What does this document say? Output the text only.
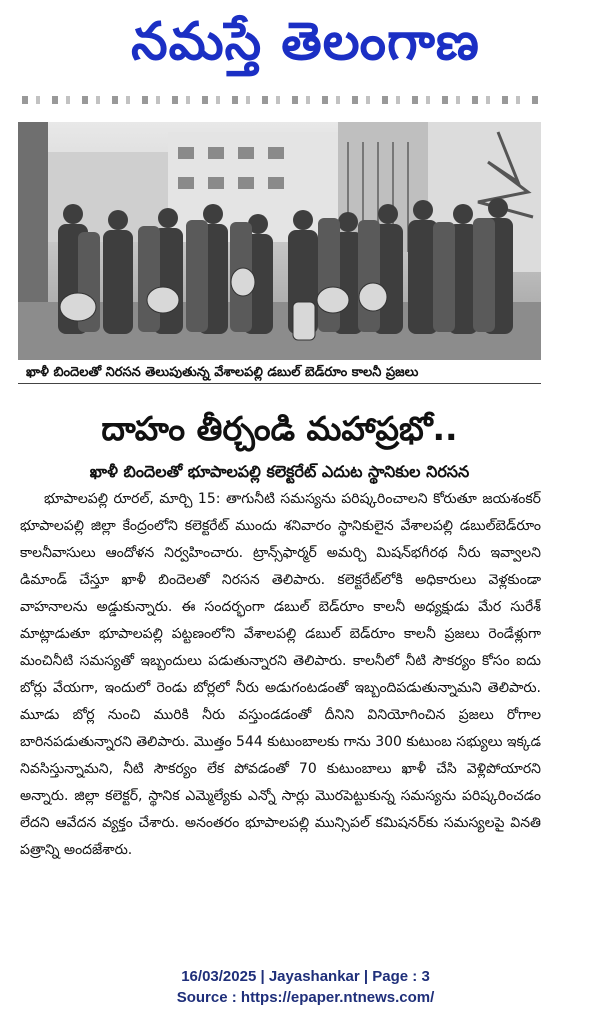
నమస్తే తెలంగాణ
ఖాళీ బిందెలతో నిరసన తెలుపుతున్న వేశాలపల్లి డబుల్ బెడ్‌రూం కాలనీ ప్రజలు
దాహం తీర్చండి మహాప్రభో..
ఖాళీ బిందెలతో భూపాలపల్లి కలెక్టరేట్ ఎదుట స్థానికుల నిరసన
భూపాలపల్లి రూరల్, మార్చి 15: తాగునీటి సమస్యను పరిష్కరించాలని కోరుతూ జయశంకర్ భూపాలపల్లి జిల్లా కేంద్రంలోని కలెక్టరేట్ ముందు శనివారం స్థానికులైన వేశాలపల్లి డబుల్‌బెడ్‌రూం కాలనీవాసులు ఆందోళన నిర్వహించారు. ట్రాన్స్‌ఫార్మర్ అమర్చి మిషన్‌భగీరథ నీరు ఇవ్వాలని డిమాండ్ చేస్తూ ఖాళీ బిందెలతో నిరసన తెలిపారు. కలెక్టరేట్‌లోకి అధికారులు వెళ్లకుండా వాహనాలను అడ్డుకున్నారు. ఈ సందర్భంగా డబుల్ బెడ్‌రూం కాలనీ అధ్యక్షుడు మేర సురేశ్ మాట్లాడుతూ భూపాలపల్లి పట్టణంలోని వేశాలపల్లి డబుల్ బెడ్‌రూం కాలనీ ప్రజలు రెండేళ్లుగా మంచినీటి సమస్యతో ఇబ్బందులు పడుతున్నారని తెలిపారు. కాలనీలో నీటి సౌకర్యం కోసం ఐదు బోర్లు వేయగా, ఇందులో రెండు బోర్లలో నీరు అడుగంటడంతో ఇబ్బందిపడుతున్నామని తెలిపారు. మూడు బోర్ల నుంచి మురికి నీరు వస్తుండడంతో దీనిని వినియోగించిన ప్రజలు రోగాల బారినపడుతున్నారని తెలిపారు. మొత్తం 544 కుటుంబాలకు గాను 300 కుటుంబ సభ్యులు ఇక్కడ నివసిస్తున్నామని, నీటి సౌకర్యం లేక పోవడంతో 70 కుటుంబాలు ఖాళీ చేసి వెళ్లిపోయారని అన్నారు. జిల్లా కలెక్టర్, స్థానిక ఎమ్మెల్యేకు ఎన్నో సార్లు మొరపెట్టుకున్న సమస్యను పరిష్కరించడం లేదని ఆవేదన వ్యక్తం చేశారు. అనంతరం భూపాలపల్లి మున్సిపల్ కమిషనర్‌కు సమస్యలపై వినతి పత్రాన్ని అందజేశారు.
16/03/2025 | Jayashankar | Page : 3
Source : https://epaper.ntnews.com/
